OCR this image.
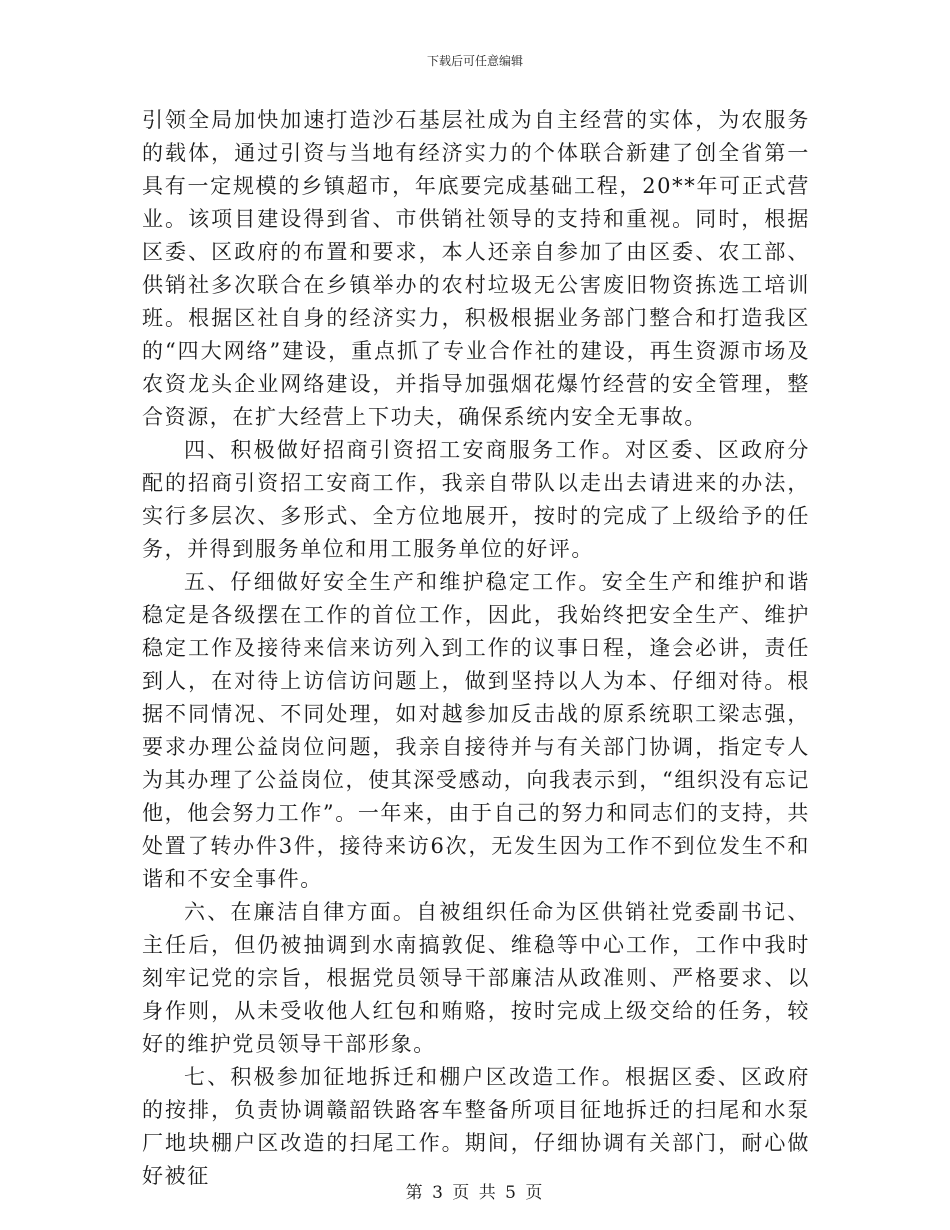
下载后可任意编辑

引领全局加快加速打造沙石基层社成为自主经营的实体，为农服务的载体，通过引资与当地有经济实力的个体联合新建了创全省第一具有一定规模的乡镇超市，年底要完成基础工程，20**年可正式营业。该项目建设得到省、市供销社领导的支持和重视。同时，根据区委、区政府的布置和要求，本人还亲自参加了由区委、农工部、供销社多次联合在乡镇举办的农村垃圾无公害废旧物资拣选工培训班。根据区社自身的经济实力，积极根据业务部门整合和打造我区的“四大网络”建设，重点抓了专业合作社的建设，再生资源市场及农资龙头企业网络建设，并指导加强烟花爆竹经营的安全管理，整合资源，在扩大经营上下功夫，确保系统内安全无事故。

四、积极做好招商引资招工安商服务工作。对区委、区政府分配的招商引资招工安商工作，我亲自带队以走出去请进来的办法，实行多层次、多形式、全方位地展开，按时的完成了上级给予的任务，并得到服务单位和用工服务单位的好评。

五、仔细做好安全生产和维护稳定工作。安全生产和维护和谐稳定是各级摆在工作的首位工作，因此，我始终把安全生产、维护稳定工作及接待来信来访列入到工作的议事日程，逢会必讲，责任到人，在对待上访信访问题上，做到坚持以人为本、仔细对待。根据不同情况、不同处理，如对越参加反击战的原系统职工梁志强，要求办理公益岗位问题，我亲自接待并与有关部门协调，指定专人为其办理了公益岗位，使其深受感动，向我表示到，“组织没有忘记他，他会努力工作”。一年来，由于自己的努力和同志们的支持，共处置了转办件3件，接待来访6次，无发生因为工作不到位发生不和谐和不安全事件。

六、在廉洁自律方面。自被组织任命为区供销社党委副书记、主任后，但仍被抽调到水南搞敦促、维稳等中心工作，工作中我时刻牢记党的宗旨，根据党员领导干部廉洁从政准则、严格要求、以身作则，从未受收他人红包和贿赂，按时完成上级交给的任务，较好的维护党员领导干部形象。

七、积极参加征地拆迁和棚户区改造工作。根据区委、区政府的按排，负责协调赣韶铁路客车整备所项目征地拆迁的扫尾和水泵厂地块棚户区改造的扫尾工作。期间，仔细协调有关部门，耐心做好被征

第 3 页 共 5 页
